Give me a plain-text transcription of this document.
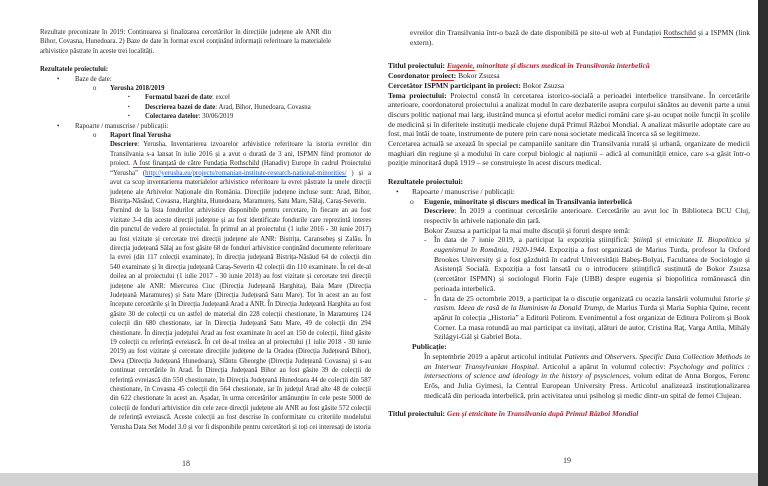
Rezultate preconizate în 2019: Continuarea și finalizarea cercetărilor în direcțiile județene ale ANR din Bihor, Covasna, Hunedoara. 2) Baze de date în format excel conținând informații referitoare la materialele arhivistice păstrate în aceste trei localități.

Rezultatele proiectului:

•	Baze de date:
o	Yerusha 2018/2019
▪	Formatul bazei de date: excel
▪	Descrierea bazei de date: Arad, Bihor, Hunedoara, Covasna
▪	Colectarea datelor: 30/06/2019
•	Rapoarte / manuscrise / publicații:
o	Raport final Yerusha

Descriere: Yerusha, Inventarierea izvoarelor arhivistice referitoare la istoria evreilor din Transilvania s-a lansat în iulie 2016 și a avut o durată de 3 ani, ISPMN fiind promotor de proiect. A fost finanțată de către Fundația Rothschild (Hanadiv) Europe în cadrul Proiectului “Yerusha” (http://yerusha.eu/projects/romanian-institute-research-national-minorities/ ) și a avut ca scop inventarierea materialelor arhivistice referitoare la evrei păstrate la unele direcții județene ale Arhivelor Naționale din România. Direcțiile județene incluse sunt: Arad, Bihor, Bistrița-Năsăud, Covasna, Harghita, Hunedoara, Maramureș, Satu Mare, Sălaj, Caraș-Severin.

Pornind de la lista fondurilor arhivistice disponibile pentru cercetare, în fiecare an au fost vizitate 3-4 din aceste direcții județene și au fost identificate fondurile care reprezintă interes din punctul de vedere al proiectului. În primul an al proiectului (1 iulie 2016 - 30 iunie 2017) au fost vizitate și cercetate trei direcții județene ale ANR: Bistrița, Caransebeș și Zalău. În direcția județeană Sălaj au fost găsite 68 de fonduri arhivistice conținând documente referitoare la evrei (din 117 colecții examinate), în direcția județeană Bistrița-Năsăud 64 de colecții din 540 examinate și în direcția județeană Caraș-Severin 42 colecții din 110 examinate. În cel de-al doilea an al proiectului (1 iulie 2017 - 30 iunie 2018) au fost vizitate și cercetate trei direcții județene ale ANR: Miercurea Ciuc (Direcția Județeană Harghita), Baia Mare (Direcția Județeană Maramureș) și Satu Mare (Direcția Județeană Satu Mare). Tot în acest an au fost începute cercetările și în Direcția Județeană Arad a ANR. În Direcția Județeană Harghita au fost găsite 30 de colecții cu un astfel de material din 228 colecții chestionate, în Maramureș 124 colecții din 680 chestionate, iar în Direcția Județeană Satu Mare, 49 de colecții din 294 chestionate. În direcția județului Arad au fost examinate în acel an 150 de colecții, fiind găsite 19 colecții cu referință evreiască. În cel de-al treilea an al proiectului (1 iulie 2018 - 30 iunie 2019) au fost vizitate și cercetate direcțiile județene de la Oradea (Direcția Județeană Bihor), Deva (Direcția Județeană Hunedoara), Sfântu Gheorghe (Direcția Județeană Covasna) și s-au continuat cercetările în Arad. În Direcția Județeană Bihor au fost găsite 39 de colecții de referință evreiască din 550 chestionate, în Direcția Județeană Hunedoara 44 de colecții din 587 chestionate, în Covasna 45 colecții din 564 chestionate, iar în județul Arad alte 48 de colecții din 622 chestionate în acest an. Așadar, în urma cercetărilor amănunțite în cele peste 5000 de colecții de fonduri arhivistice din cele zece direcții județene ale ANR au fost găsite 572 colecții de referință evreiască. Aceste colecții au fost descrise în conformitate cu criteriile modelului Yerusha Data Set Model 3.0 și vor fi disponibile pentru cercetători și toți cei interesați de istoria

evreilor din Transilvania într-o bază de date disponibilă pe site-ul web al Fundației Rothschild și a ISPMN (link extern).

Titlul proiectului: Eugenie, minoritate și discurs medical în Transilvania interbelică

Coordonator proiect: Bokor Zsuzsa

Cercetător ISPMN participant în proiect: Bokor Zsuzsa

Tema proiectului: Proiectul constă în cercetarea istorico-socială a perioadei interbelice transilvane. În cercetările anterioare, coordonatorul proiectului a analizat modul în care dezbaterile asupra corpului sănătos au devenit parte a unui discurs politic național mai larg, ilustrând munca și efortul acelor medici români care și-au ocupat noile funcții în școlile de medicină și în diferitele instituții medicale clujene după Primul Război Mondial. A analizat măsurile adoptate care au fost, mai întâi de toate, instrumente de putere prin care noua societate medicală încerca să se legitimeze.

Cercetarea actuală se axează în special pe campaniile sanitare din Transilvania rurală și urbană, organizate de medicii maghiari din regiune și a modului în care corpul biologic al națiunii – adică al comunității etnice, care s-a găsit într-o poziție minoritară după 1919 – se construiește în acest discurs medical.

Rezultatele proiectului:

•	Rapoarte / manuscrise / publicații:
o	Eugenie, minoritate și discurs medical în Transilvania interbelică

Descriere: În 2019 a continuat cercetările anterioare. Cercetările au avut loc în Biblioteca BCU Cluj, respectiv în arhivele naționale din țară.

Bokor Zsuzsa a participat la mai multe discuții și foruri despre temă:

-	În data de 7 iunie 2019, a participat la expoziția științifică: Știință și etnicitate II. Biopolitica și eugenismul în România, 1920-1944. Expoziția a fost organizată de Marius Turda, profesor la Oxford Brookes University și a fost găzduită în cadrul Universității Babeș-Bolyai, Facultatea de Sociologie și Asistență Socială. Expoziția a fost lansată cu o introducere științifică susținută de Bokor Zsuzsa (cercetător ISPMN) și sociologul Florin Faje (UBB) despre eugenia și biopolitica românească din perioada interbelică.
-	În data de 25 octombrie 2019, a participat la o discuție organizată cu ocazia lansării volumului Istorie și rasism. Ideea de rasă de la Iluminism la Donald Trump, de Marius Turda și Maria Sophia Quine, recent apărut în colecția „Historia” a Editurii Polirom. Evenimentul a fost organizat de Editura Polirom și Book Corner. La masa rotundă au mai participat ca invitați, alături de autor, Cristina Raț, Varga Attila, Mihály Szilágyi-Gál și Gabriel Bota.

Publicație:

În septembrie 2019 a apărut articolul intitulat Patients and Observers. Specific Data Collection Methods in an Interwar Transylvanian Hospital. Articolul a apărut în volumul colectiv: Psychology and politics : intersections of science and ideology in the history of psysciences, volum editat de Anna Borgos, Ferenc Erős, and Julia Gyimesi, la Central European University Press. Articolul analizează instituționalizarea medicală din perioada interbelică, prin activitatea unui psiholog și medic dintr-un spital de femei Clujean.

Titlul proiectului: Gen și etnicitate în Transilvania după Primul Război Mondial

18	19
